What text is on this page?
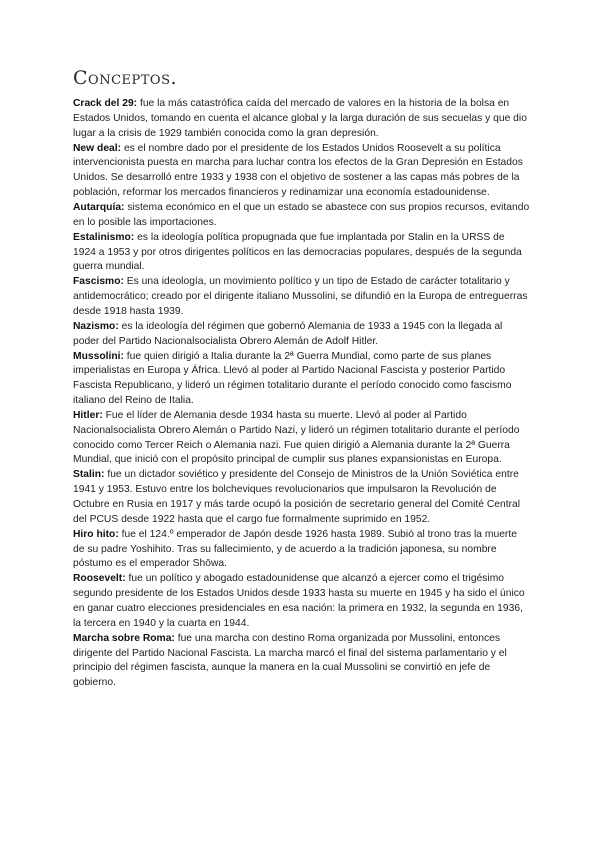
Conceptos.

Crack del 29: fue la más catastrófica caída del mercado de valores en la historia de la bolsa en Estados Unidos, tomando en cuenta el alcance global y la larga duración de sus secuelas y que dio lugar a la crisis de 1929 también conocida como la gran depresión.

New deal: es el nombre dado por el presidente de los Estados Unidos Roosevelt a su política intervencionista puesta en marcha para luchar contra los efectos de la Gran Depresión en Estados Unidos. Se desarrolló entre 1933 y 1938 con el objetivo de sostener a las capas más pobres de la población, reformar los mercados financieros y redinamizar una economía estadounidense.

Autarquía: sistema económico en el que un estado se abastece con sus propios recursos, evitando en lo posible las importaciones.

Estalinismo: es la ideología política propugnada que fue implantada por Stalin en la URSS de 1924 a 1953 y por otros dirigentes políticos en las democracias populares, después de la segunda guerra mundial.

Fascismo: Es una ideología, un movimiento político y un tipo de Estado de carácter totalitario y antidemocrático; creado por el dirigente italiano Mussolini, se difundió en la Europa de entreguerras desde 1918 hasta 1939.

Nazismo: es la ideología del régimen que gobernó Alemania de 1933 a 1945 con la llegada al poder del Partido Nacionalsocialista Obrero Alemán de Adolf Hitler.

Mussolini: fue quien dirigió a Italia durante la 2ª Guerra Mundial, como parte de sus planes imperialistas en Europa y África. Llevó al poder al Partido Nacional Fascista y posterior Partido Fascista Republicano, y lideró un régimen totalitario durante el período conocido como fascismo italiano del Reino de Italia.

Hitler: Fue el líder de Alemania desde 1934 hasta su muerte. Llevó al poder al Partido Nacionalsocialista Obrero Alemán o Partido Nazi, y lideró un régimen totalitario durante el período conocido como Tercer Reich o Alemania nazi. Fue quien dirigió a Alemania durante la 2ª Guerra Mundial, que inició con el propósito principal de cumplir sus planes expansionistas en Europa.

Stalin: fue un dictador soviético y presidente del Consejo de Ministros de la Unión Soviética entre 1941 y 1953. Estuvo entre los bolcheviques revolucionarios que impulsaron la Revolución de Octubre en Rusia en 1917 y más tarde ocupó la posición de secretario general del Comité Central del PCUS desde 1922 hasta que el cargo fue formalmente suprimido en 1952.

Hiro hito: fue el 124.º emperador de Japón desde 1926 hasta 1989. Subió al trono tras la muerte de su padre Yoshihito. Tras su fallecimiento, y de acuerdo a la tradición japonesa, su nombre póstumo es el emperador Shōwa.

Roosevelt: fue un político y abogado estadounidense que alcanzó a ejercer como el trigésimo segundo presidente de los Estados Unidos desde 1933 hasta su muerte en 1945 y ha sido el único en ganar cuatro elecciones presidenciales en esa nación: la primera en 1932, la segunda en 1936, la tercera en 1940 y la cuarta en 1944.

Marcha sobre Roma: fue una marcha con destino Roma organizada por Mussolini, entonces dirigente del Partido Nacional Fascista. La marcha marcó el final del sistema parlamentario y el principio del régimen fascista, aunque la manera en la cual Mussolini se convirtió en jefe de gobierno.
